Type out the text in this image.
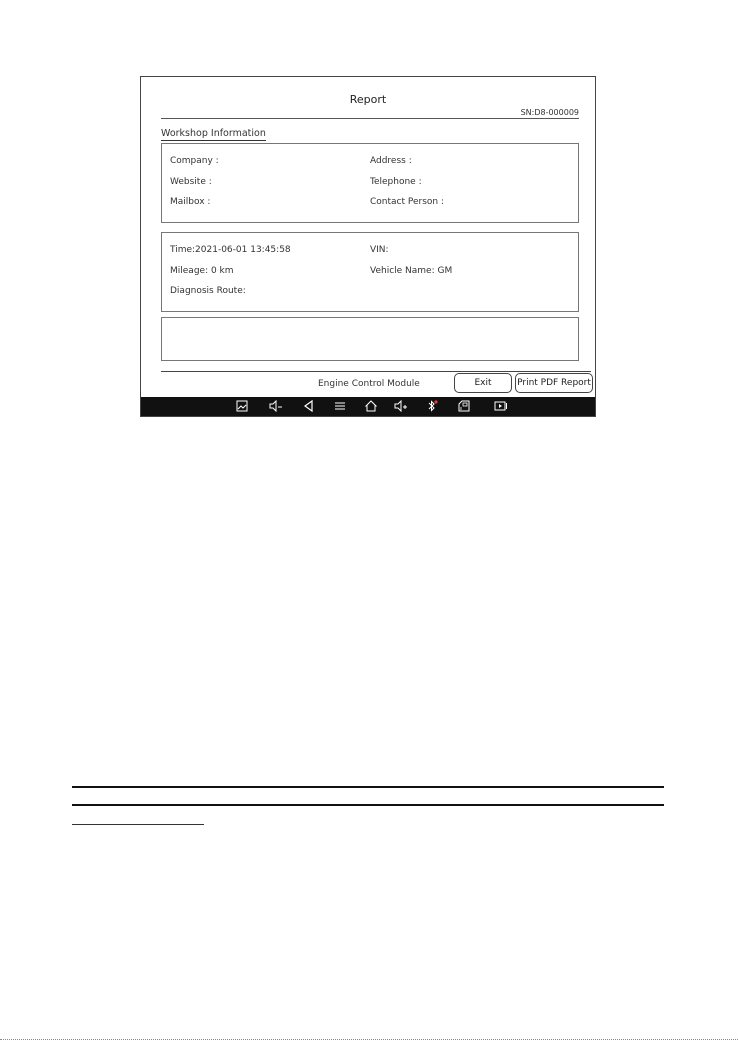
Report
SN:D8-000009
Workshop Information
Company :	Address :
Website :	Telephone :
Mailbox :	Contact Person :
Time:2021-06-01 13:45:58	VIN:
Mileage: 0 km	Vehicle Name: GM
Diagnosis Route:
Engine Control Module	Exit	Print PDF Report
